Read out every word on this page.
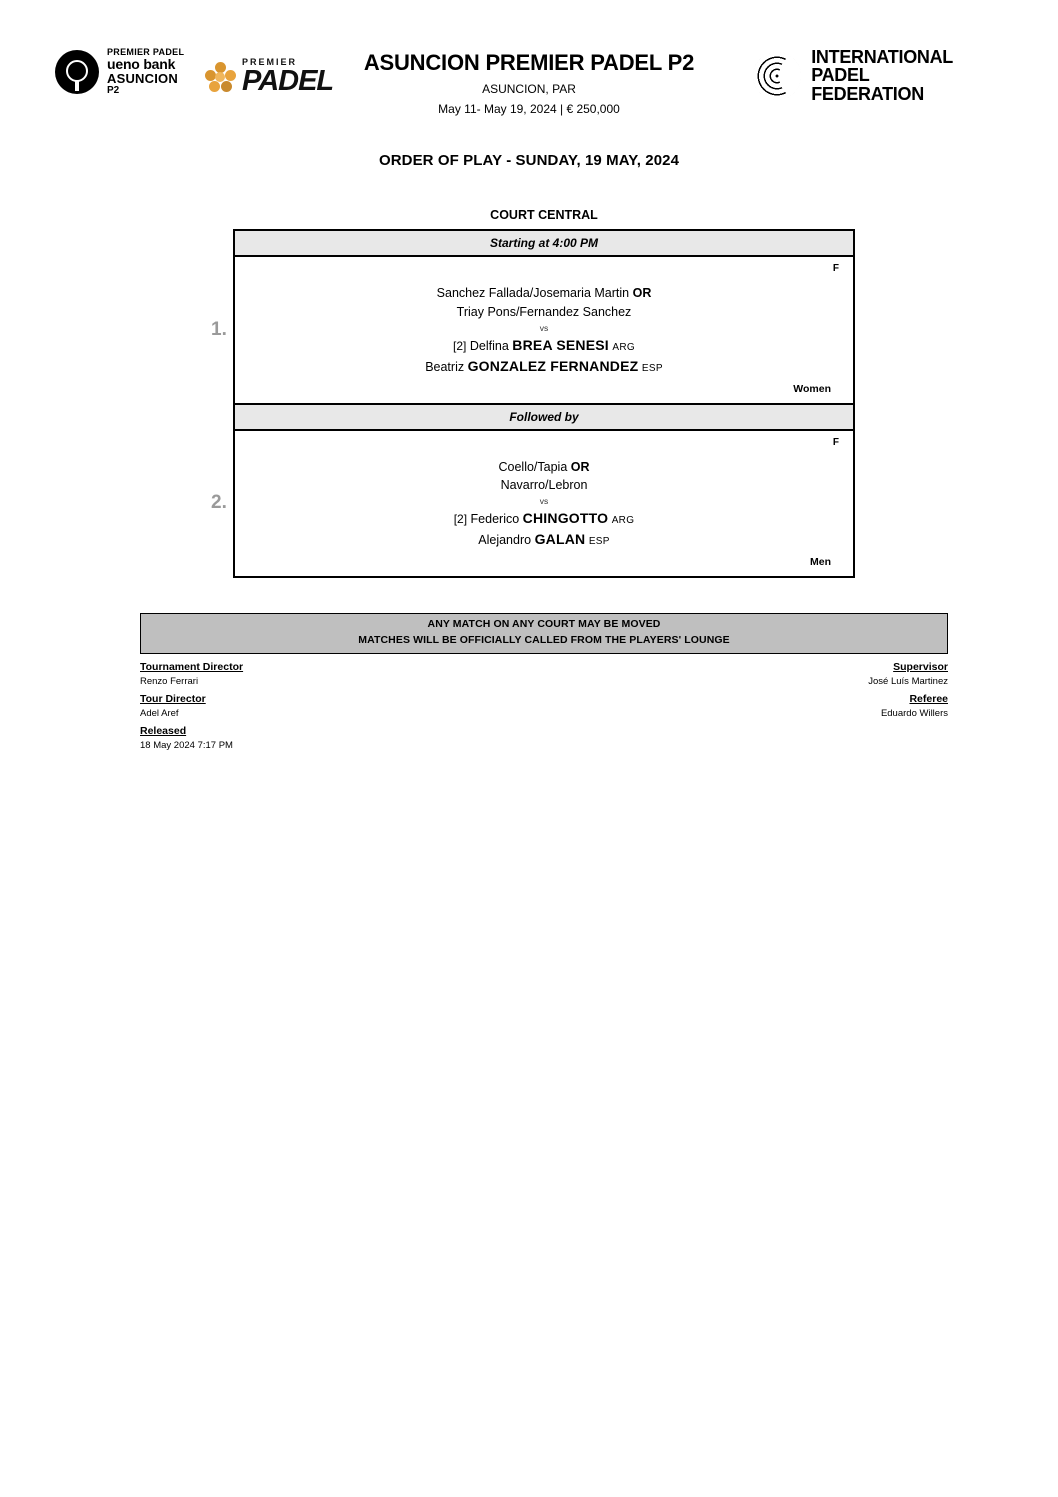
PREMIER PADEL
ueno bank
ASUNCION
P2
PREMIER
PADEL
ASUNCION PREMIER PADEL P2
ASUNCION, PAR
May 11- May 19, 2024 | € 250,000
INTERNATIONAL
PADEL
FEDERATION
ORDER OF PLAY - SUNDAY, 19 MAY, 2024
COURT CENTRAL
Starting at 4:00 PM
1.
F
Sanchez Fallada/Josemaria Martin OR
Triay Pons/Fernandez Sanchez
vs
[2] Delfina BREA SENESI ARG
Beatriz GONZALEZ FERNANDEZ ESP
Women
Followed by
2.
F
Coello/Tapia OR
Navarro/Lebron
vs
[2] Federico CHINGOTTO ARG
Alejandro GALAN ESP
Men
ANY MATCH ON ANY COURT MAY BE MOVED
MATCHES WILL BE OFFICIALLY CALLED FROM THE PLAYERS' LOUNGE
Tournament Director
Renzo Ferrari
Supervisor
José Luís Martinez
Tour Director
Adel Aref
Referee
Eduardo Willers
Released
18 May 2024 7:17 PM
